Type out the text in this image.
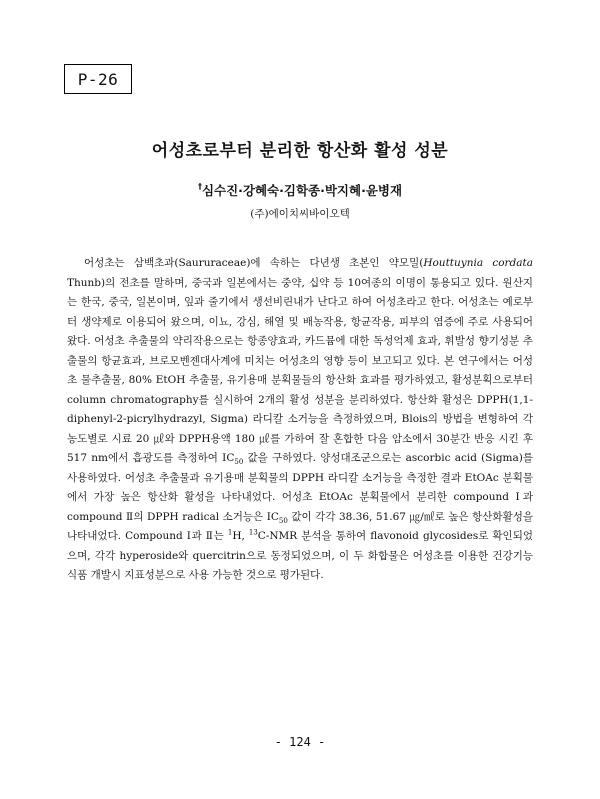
P-26
어성초로부터 분리한 항산화 활성 성분
†심수진·강혜숙·김학종·박지혜·윤병재
(주)에이치씨바이오텍

어성초는 삼백초과(Saururaceae)에 속하는 다년생 초본인 약모밀(Houttuynia cordata Thunb)의 전초를 말하며, 중국과 일본에서는 중약, 십약 등 10여종의 이명이 통용되고 있다. 원산지는 한국, 중국, 일본이며, 잎과 줄기에서 생선비린내가 난다고 하여 어성초라고 한다. 어성초는 예로부터 생약제로 이용되어 왔으며, 이뇨, 강심, 해열 및 배농작용, 항균작용, 피부의 염증에 주로 사용되어 왔다. 어성초 추출물의 약리작용으로는 항종양효과, 카드뮴에 대한 독성억제 효과, 휘발성 향기성분 추출물의 항균효과, 브로모벤젠대사계에 미치는 어성초의 영향 등이 보고되고 있다. 본 연구에서는 어성초 물추출물, 80% EtOH 추출물, 유기용매 분획물들의 항산화 효과를 평가하였고, 활성분획으로부터 column chromatography를 실시하여 2개의 활성 성분을 분리하였다. 항산화 활성은 DPPH(1,1-diphenyl-2-picrylhydrazyl, Sigma) 라디칼 소거능을 측정하였으며, Blois의 방법을 변형하여 각 농도별로 시료 20 ㎕와 DPPH용액 180 ㎕를 가하여 잘 혼합한 다음 암소에서 30분간 반응 시킨 후 517 nm에서 흡광도를 측정하여 $IC_{50}$ 값을 구하였다. 양성대조군으로는 ascorbic acid (Sigma)를 사용하였다. 어성초 추출물과 유기용매 분획물의 DPPH 라디칼 소거능을 측정한 결과 EtOAc 분획물에서 가장 높은 항산화 활성을 나타내었다. 어성초 EtOAc 분획물에서 분리한 compound Ⅰ과 compound Ⅱ의 DPPH radical 소거능은 $IC_{50}$ 값이 각각 38.36, 51.67 ㎍/㎖로 높은 항산화활성을 나타내었다. Compound Ⅰ과 Ⅱ는 $^1$H, $^{13}$C-NMR 분석을 통하여 flavonoid glycosides로 확인되었으며, 각각 hyperoside와 quercitrin으로 동정되었으며, 이 두 화합물은 어성초를 이용한 건강기능식품 개발시 지표성분으로 사용 가능한 것으로 평가된다.

- 124 -
